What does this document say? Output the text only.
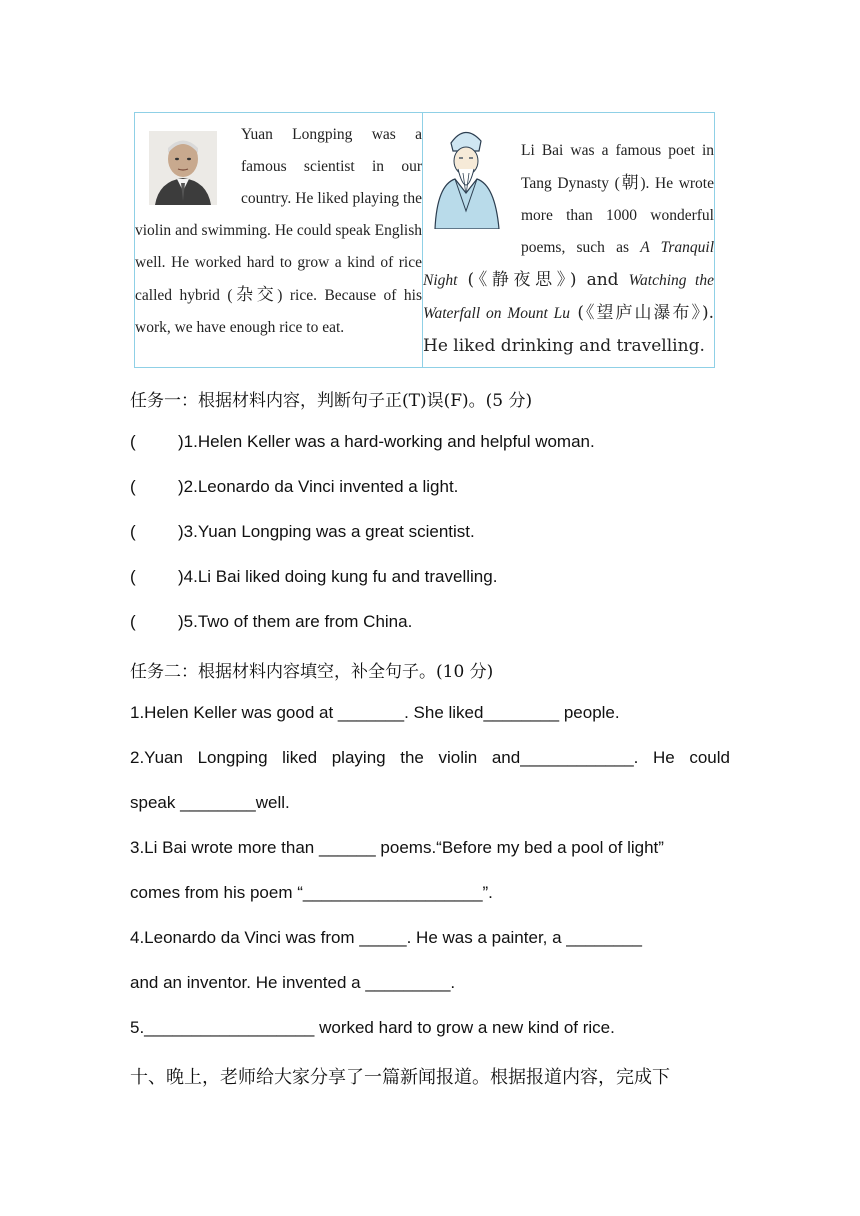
Yuan Longping was a famous scientist in our country. He liked playing the violin and swimming. He could speak English well. He worked hard to grow a kind of rice called hybrid (杂交) rice. Because of his work, we have enough rice to eat.

Li Bai was a famous poet in Tang Dynasty (朝). He wrote more than 1000 wonderful poems, such as A Tranquil Night (《静夜思》) and Watching the Waterfall on Mount Lu (《望庐山瀑布》). He liked drinking and travelling.

任务一：根据材料内容，判断句子正(T)误(F)。(5 分)
( )1.Helen Keller was a hard-working and helpful woman.
( )2.Leonardo da Vinci invented a light.
( )3.Yuan Longping was a great scientist.
( )4.Li Bai liked doing kung fu and travelling.
( )5.Two of them are from China.
任务二：根据材料内容填空，补全句子。(10 分)
1.Helen Keller was good at _______. She liked________ people.
2.Yuan Longping liked playing the violin and____________. He could
speak ________well.
3.Li Bai wrote more than ______ poems.“Before my bed a pool of light”
comes from his poem “___________________”.
4.Leonardo da Vinci was from _____. He was a painter, a ________
and an inventor. He invented a _________.
5.__________________ worked hard to grow a new kind of rice.
十、晚上，老师给大家分享了一篇新闻报道。根据报道内容，完成下
